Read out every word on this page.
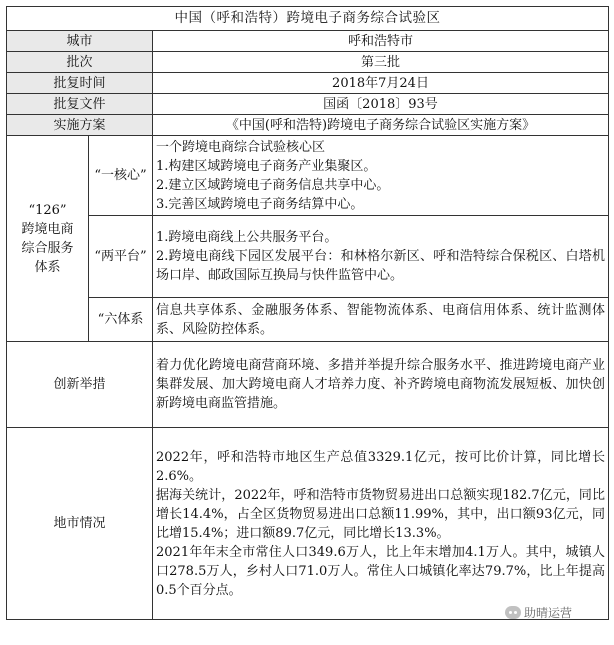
中国（呼和浩特）跨境电子商务综合试验区		
城市		呼和浩特市
批次		第三批
批复时间		2018年7月24日
批复文件		国函〔2018〕93号
实施方案		《中国(呼和浩特)跨境电子商务综合试验区实施方案》

“126”
跨境电商
综合服务
体系	“一核心”	一个跨境电商综合试验核心区
1.构建区域跨境电子商务产业集聚区。
2.建立区域跨境电子商务信息共享中心。
3.完善区域跨境电子商务结算中心。

	“两平台”	1.跨境电商线上公共服务平台。
2.跨境电商线下园区发展平台：和林格尔新区、呼和浩特综合保税区、白塔机场口岸、邮政国际互换局与快件监管中心。

	“六体系	信息共享体系、金融服务体系、智能物流体系、电商信用体系、统计监测体系、风险防控体系。
创新举措		着力优化跨境电商营商环境、多措并举提升综合服务水平、推进跨境电商产业集群发展、加大跨境电商人才培养力度、补齐跨境电商物流发展短板、加快创新跨境电商监管措施。
地市情况		2022年，呼和浩特市地区生产总值3329.1亿元，按可比价计算，同比增长2.6%。
据海关统计，2022年，呼和浩特市货物贸易进出口总额实现182.7亿元，同比增长14.4%，占全区货物贸易进出口总额11.99%，其中，出口额93亿元，同比增15.4%；进口额89.7亿元，同比增长13.3%。
2021年年末全市常住人口349.6万人，比上年末增加4.1万人。其中，城镇人口278.5万人，乡村人口71.0万人。常住人口城镇化率达79.7%，比上年提高0.5个百分点。
助晴运营
